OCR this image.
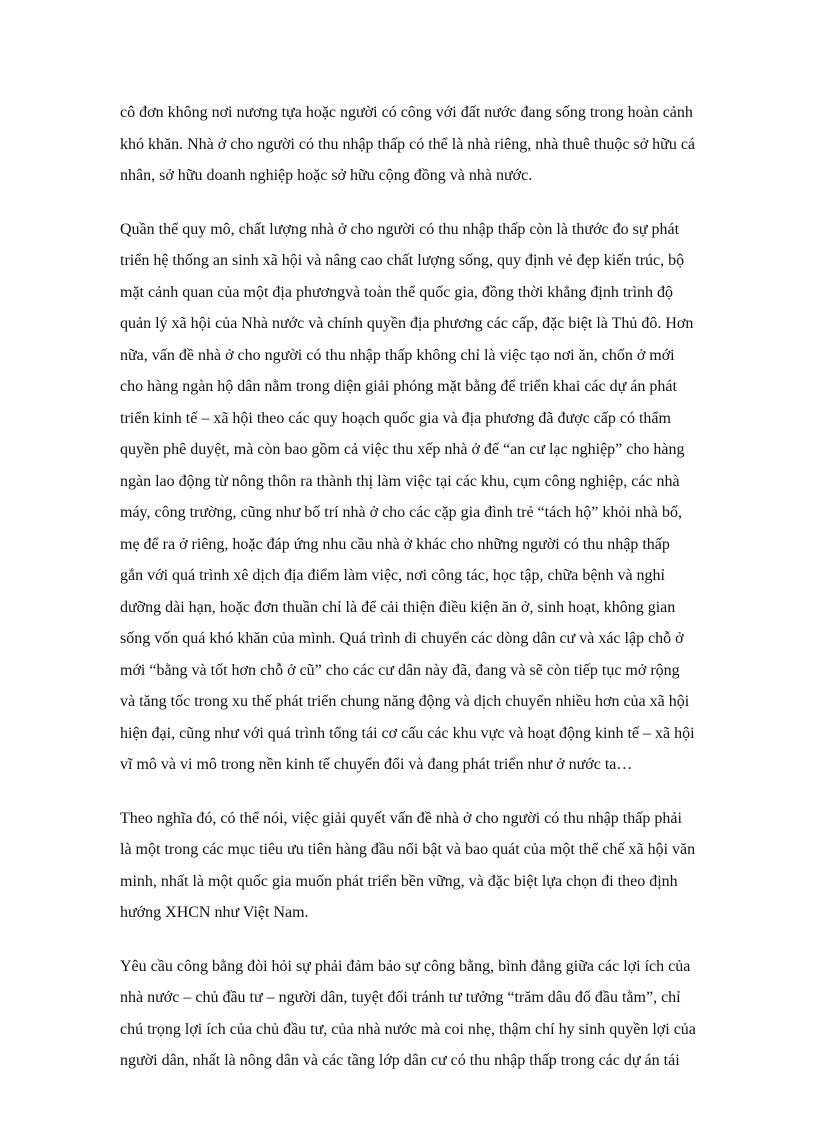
cô đơn không nơi nương tựa hoặc người có công với đất nước đang sống trong hoàn cảnh
khó khăn. Nhà ở cho người có thu nhập thấp có thể là nhà riêng, nhà thuê thuộc sở hữu cá
nhân, sở hữu doanh nghiệp hoặc sở hữu cộng đồng và nhà nước.

Quần thể quy mô, chất lượng nhà ở cho người có thu nhập thấp còn là thước đo sự phát
triển hệ thống an sinh xã hội và nâng cao chất lượng sống, quy định vẻ đẹp kiến trúc, bộ
mặt cảnh quan của một địa phươngvà toàn thể quốc gia, đồng thời khẳng định trình độ
quản lý xã hội của Nhà nước và chính quyền địa phương các cấp, đặc biệt là Thủ đô. Hơn
nữa, vấn đề nhà ở cho người có thu nhập thấp không chỉ là việc tạo nơi ăn, chốn ở mới
cho hàng ngàn hộ dân nằm trong diện giải phóng mặt bằng để triển khai các dự án phát
triển kinh tế – xã hội theo các quy hoạch quốc gia và địa phương đã được cấp có thẩm
quyền phê duyệt, mà còn bao gồm cả việc thu xếp nhà ở để “an cư lạc nghiệp” cho hàng
ngàn lao động từ nông thôn ra thành thị làm việc tại các khu, cụm công nghiệp, các nhà
máy, công trường, cũng như bố trí nhà ở cho các cặp gia đình trẻ “tách hộ” khỏi nhà bố,
mẹ để ra ở riêng, hoặc đáp ứng nhu cầu nhà ở khác cho những người có thu nhập thấp
gắn với quá trình xê dịch địa điểm làm việc, nơi công tác, học tập, chữa bệnh và nghỉ
dưỡng dài hạn, hoặc đơn thuần chỉ là để cải thiện điều kiện ăn ở, sinh hoạt, không gian
sống vốn quá khó khăn của mình. Quá trình di chuyển các dòng dân cư và xác lập chỗ ở
mới “bằng và tốt hơn chỗ ở cũ” cho các cư dân này đã, đang và sẽ còn tiếp tục mở rộng
và tăng tốc trong xu thế phát triển chung năng động và dịch chuyển nhiều hơn của xã hội
hiện đại, cũng như với quá trình tổng tái cơ cấu các khu vực và hoạt động kinh tế – xã hội
vĩ mô và vi mô trong nền kinh tế chuyển đổi và đang phát triển như ở nước ta…

Theo nghĩa đó, có thể nói, việc giải quyết vấn đề nhà ở cho người có thu nhập thấp phải
là một trong các mục tiêu ưu tiên hàng đầu nổi bật và bao quát của một thể chế xã hội văn
minh, nhất là một quốc gia muốn phát triển bền vững, và đặc biệt lựa chọn đi theo định
hướng XHCN như Việt Nam.

Yêu cầu công bằng đòi hỏi sự phải đảm bảo sự công bằng, bình đẳng giữa các lợi ích của
nhà nước – chủ đầu tư – người dân, tuyệt đối tránh tư tưởng “trăm dâu đổ đầu tằm”, chỉ
chú trọng lợi ích của chủ đầu tư, của nhà nước mà coi nhẹ, thậm chí hy sinh quyền lợi của
người dân, nhất là nông dân và các tầng lớp dân cư có thu nhập thấp trong các dự án tái
